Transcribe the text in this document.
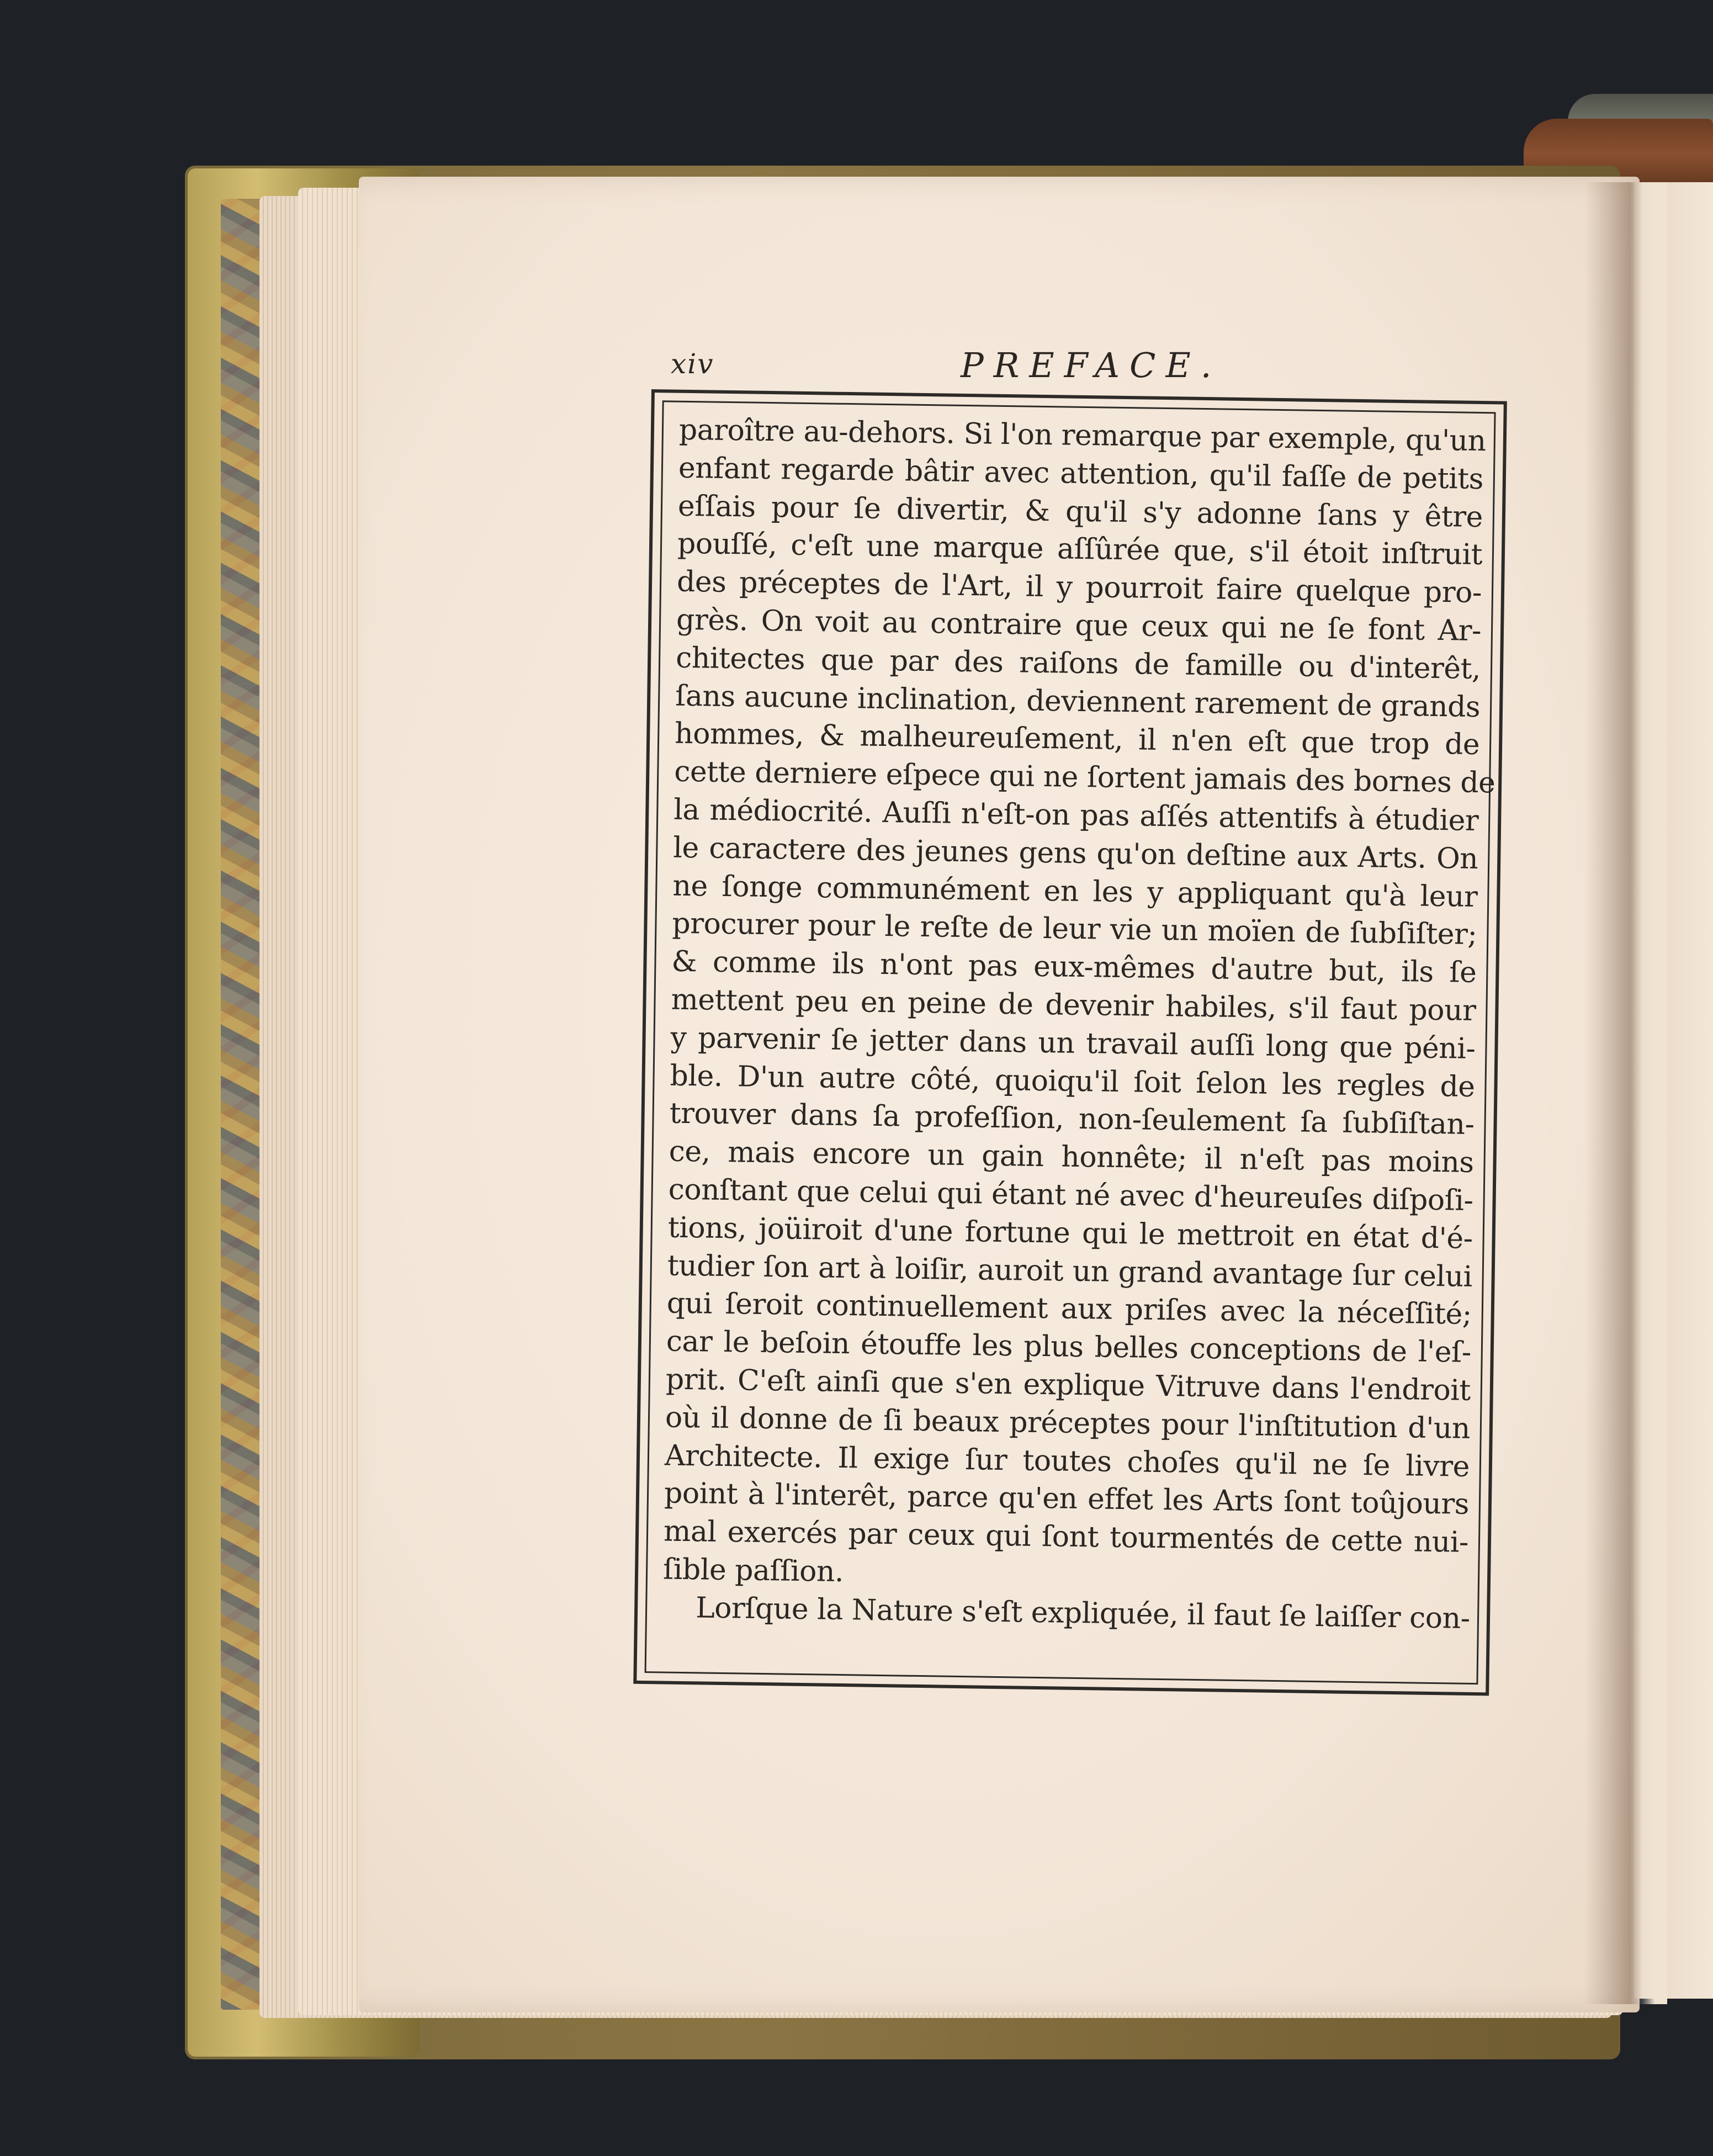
xiv	PREFACE.
paroître au-dehors. Si l'on remarque par exemple, qu'un
enfant regarde bâtir avec attention, qu'il faſſe de petits
eſſais pour ſe divertir, & qu'il s'y adonne ſans y être
pouſſé, c'eſt une marque aſſûrée que, s'il étoit inſtruit
des préceptes de l'Art, il y pourroit faire quelque pro-
grès. On voit au contraire que ceux qui ne ſe font Ar-
chitectes que par des raiſons de famille ou d'interêt,
ſans aucune inclination, deviennent rarement de grands
hommes, & malheureuſement, il n'en eſt que trop de
cette derniere eſpece qui ne ſortent jamais des bornes de
la médiocrité. Auſſi n'eſt-on pas aſſés attentifs à étudier
le caractere des jeunes gens qu'on deſtine aux Arts. On
ne ſonge communément en les y appliquant qu'à leur
procurer pour le reſte de leur vie un moïen de ſubſiſter;
& comme ils n'ont pas eux-mêmes d'autre but, ils ſe
mettent peu en peine de devenir habiles, s'il faut pour
y parvenir ſe jetter dans un travail auſſi long que péni-
ble. D'un autre côté, quoiqu'il ſoit ſelon les regles de
trouver dans ſa profeſſion, non-ſeulement ſa ſubſiſtan-
ce, mais encore un gain honnête; il n'eſt pas moins
conſtant que celui qui étant né avec d'heureuſes diſpoſi-
tions, joüiroit d'une fortune qui le mettroit en état d'é-
tudier ſon art à loiſir, auroit un grand avantage ſur celui
qui ſeroit continuellement aux priſes avec la néceſſité;
car le beſoin étouffe les plus belles conceptions de l'eſ-
prit. C'eſt ainſi que s'en explique Vitruve dans l'endroit
où il donne de ſi beaux préceptes pour l'inſtitution d'un
Architecte. Il exige ſur toutes choſes qu'il ne ſe livre
point à l'interêt, parce qu'en effet les Arts ſont toûjours
mal exercés par ceux qui ſont tourmentés de cette nui-
ſible paſſion.
Lorſque la Nature s'eſt expliquée, il faut ſe laiſſer con-
